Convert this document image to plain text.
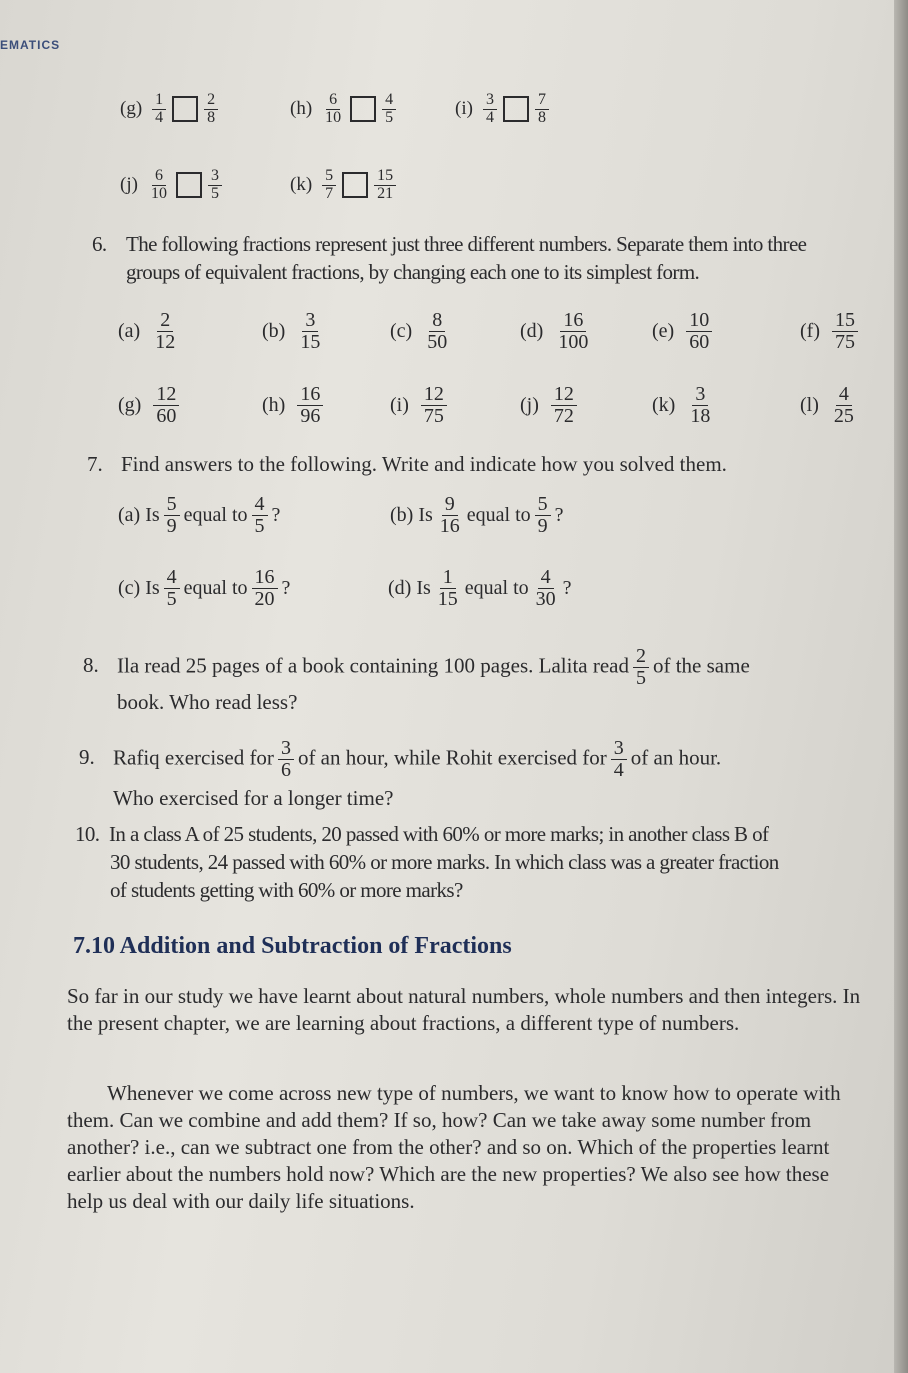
EMATICS
6. The following fractions represent just three different numbers. Separate them into three
groups of equivalent fractions, by changing each one to its simplest form.
7. Find answers to the following. Write and indicate how you solved them.
8. Ila read 25 pages of a book containing 100 pages. Lalita read $\frac{2}{5}$ of the same
book. Who read less?
9. Rafiq exercised for $\frac{3}{6}$ of an hour, while Rohit exercised for $\frac{3}{4}$ of an hour.
Who exercised for a longer time?
10. In a class A of 25 students, 20 passed with 60% or more marks; in another class B of
30 students, 24 passed with 60% or more marks. In which class was a greater fraction
of students getting with 60% or more marks?
7.10 Addition and Subtraction of Fractions

So far in our study we have learnt about natural numbers, whole numbers and then integers. In the present chapter, we are learning about fractions, a different type of numbers.

Whenever we come across new type of numbers, we want to know how to operate with them. Can we combine and add them? If so, how? Can we take away some number from another? i.e., can we subtract one from the other? and so on. Which of the properties learnt earlier about the numbers hold now? Which are the new properties? We also see how these help us deal with our daily life situations.

$(g) \frac{1}{4} \frac{2}{8}$	$(h) \frac{6}{10} \frac{4}{5}$	$(i) \frac{3}{4} \frac{7}{8}$
$(j) \frac{6}{10} \frac{3}{5}$	$(k) \frac{5}{7} \frac{15}{21}$
$(a) \frac{2}{12}$	$(b) \frac{3}{15}$	$(c) \frac{8}{50}$	$(d) \frac{16}{100}$	$(e) \frac{10}{60}$	$(f) \frac{15}{75}$
$(g) \frac{12}{60}$	$(h) \frac{16}{96}$	$(i) \frac{12}{75}$	$(j) \frac{12}{72}$	$(k) \frac{3}{18}$	$(l) \frac{4}{25}$
(a) Is $\frac{5}{9}$ equal to $\frac{4}{5}$ ?	(b) Is $\frac{9}{16}$ equal to $\frac{5}{9}$ ?
(c) Is $\frac{4}{5}$ equal to $\frac{16}{20}$ ?	(d) Is $\frac{1}{15}$ equal to $\frac{4}{30}$ ?
